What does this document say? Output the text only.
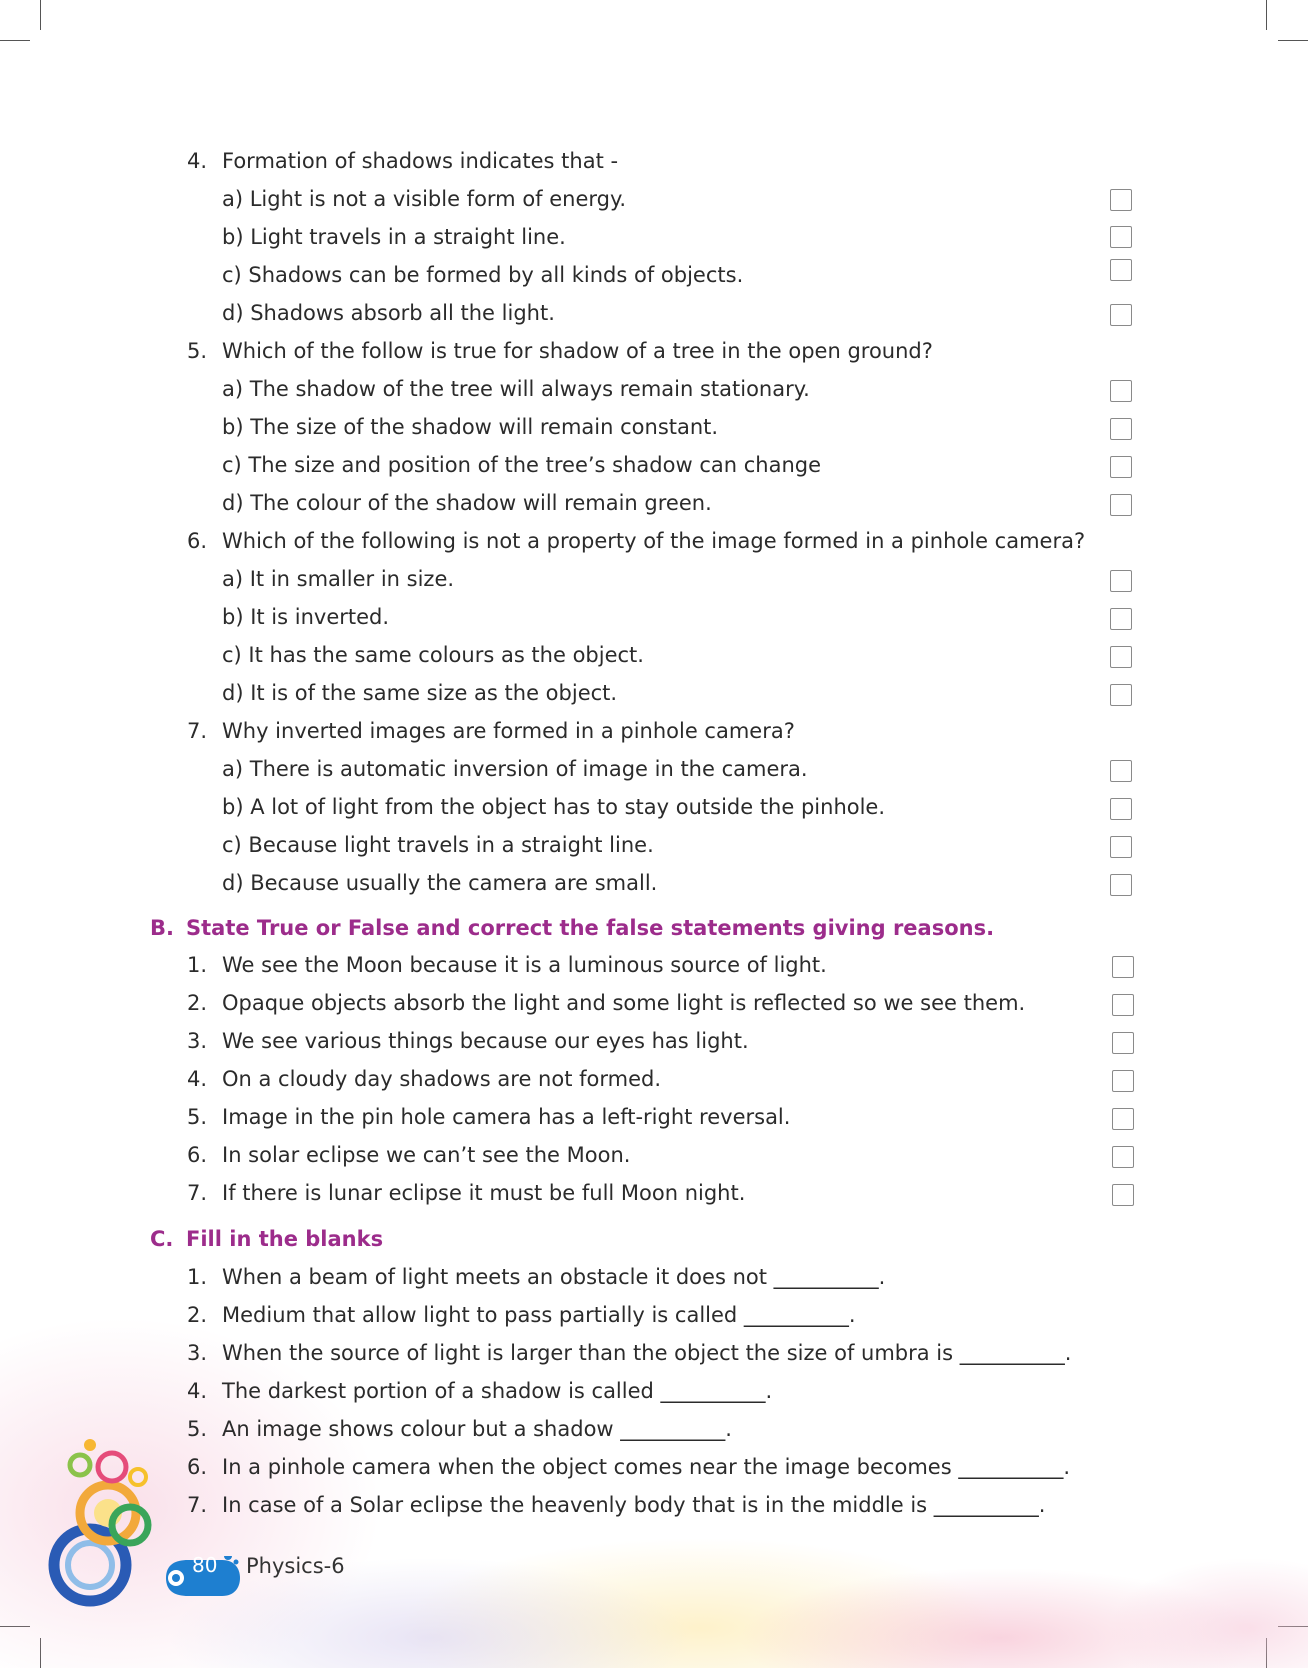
80 Physics-6
4. Formation of shadows indicates that -
a) Light is not a visible form of energy.
b) Light travels in a straight line.
c) Shadows can be formed by all kinds of objects.
d) Shadows absorb all the light.
5. Which of the follow is true for shadow of a tree in the open ground?
a) The shadow of the tree will always remain stationary.
b) The size of the shadow will remain constant.
c) The size and position of the tree’s shadow can change
d) The colour of the shadow will remain green.
6. Which of the following is not a property of the image formed in a pinhole camera?
a) It in smaller in size.
b) It is inverted.
c) It has the same colours as the object.
d) It is of the same size as the object.
7. Why inverted images are formed in a pinhole camera?
a) There is automatic inversion of image in the camera.
b) A lot of light from the object has to stay outside the pinhole.
c) Because light travels in a straight line.
d) Because usually the camera are small.
B. State True or False and correct the false statements giving reasons.
1. We see the Moon because it is a luminous source of light.
2. Opaque objects absorb the light and some light is reflected so we see them.
3. We see various things because our eyes has light.
4. On a cloudy day shadows are not formed.
5. Image in the pin hole camera has a left-right reversal.
6. In solar eclipse we can’t see the Moon.
7. If there is lunar eclipse it must be full Moon night.
C. Fill in the blanks
1. When a beam of light meets an obstacle it does not __________.
2. Medium that allow light to pass partially is called __________.
3. When the source of light is larger than the object the size of umbra is __________.
4. The darkest portion of a shadow is called __________.
5. An image shows colour but a shadow __________.
6. In a pinhole camera when the object comes near the image becomes __________.
7. In case of a Solar eclipse the heavenly body that is in the middle is __________.
